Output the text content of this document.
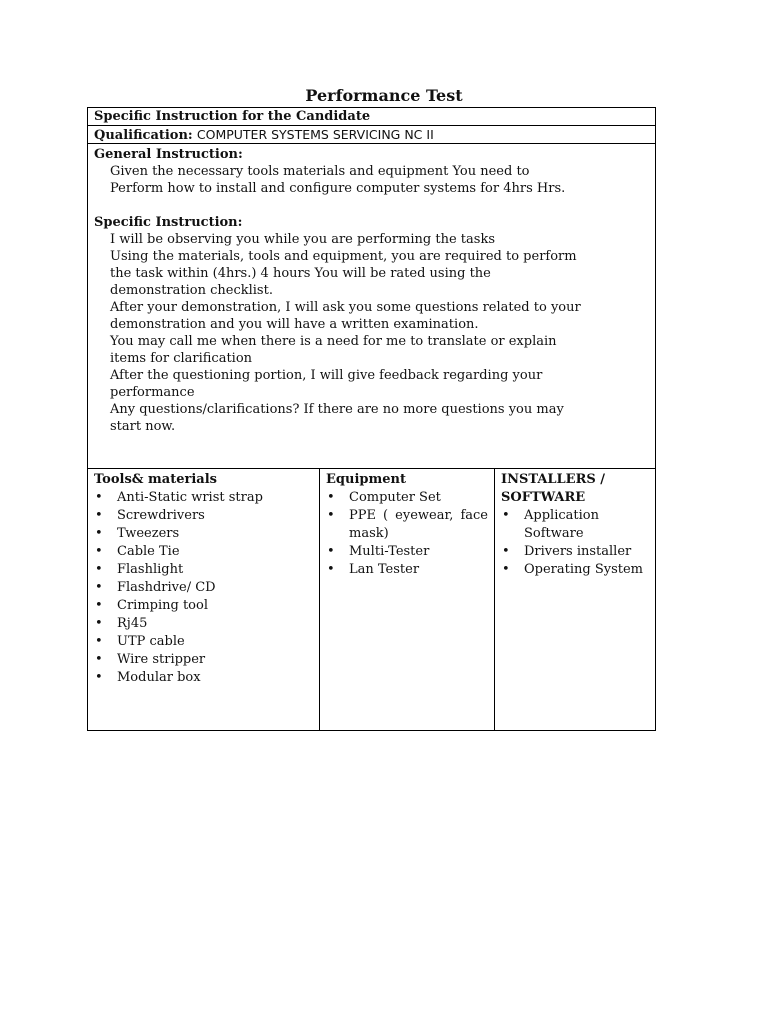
Performance Test
Specific Instruction for the Candidate
Qualification: COMPUTER SYSTEMS SERVICING NC II
General Instruction:
Given the necessary tools materials and equipment You need to
Perform how to install and configure computer systems for 4hrs Hrs.
Specific Instruction:
I will be observing you while you are performing the tasks
Using the materials, tools and equipment, you are required to perform
the task within (4hrs.) 4 hours You will be rated using the
demonstration checklist.
After your demonstration, I will ask you some questions related to your
demonstration and you will have a written examination.
You may call me when there is a need for me to translate or explain
items for clarification
After the questioning portion, I will give feedback regarding your
performance
Any questions/clarifications? If there are no more questions you may
start now.
Tools& materials
• Anti-Static wrist strap
• Screwdrivers
• Tweezers
• Cable Tie
• Flashlight
• Flashdrive/ CD
• Crimping tool
• Rj45
• UTP cable
• Wire stripper
• Modular box
Equipment
• Computer Set
• PPE ( eyewear, face mask)
• Multi-Tester
• Lan Tester
INSTALLERS /
SOFTWARE
• Application Software
• Drivers installer
• Operating System
